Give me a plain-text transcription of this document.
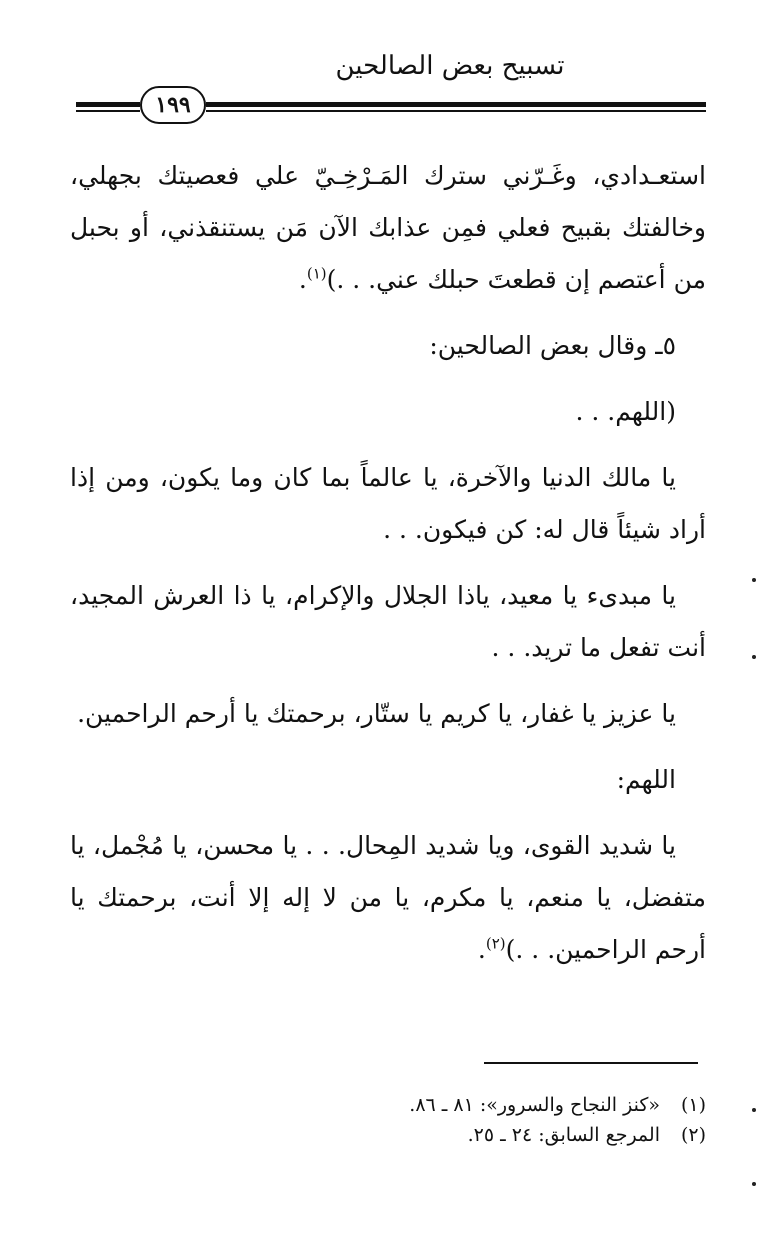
تسبيح بعض الصالحين
١٩٩

استعـدادي، وغَـرّني سترك المَـرْخِـيّ علي فعصيتك بجهلي، وخالفتك بقبيح فعلي فمِن عذابك الآن مَن يستنقذني، أو بحبل من أعتصم إن قطعتَ حبلك عني. . .)$^{(١)}$.

٥ـ وقال بعض الصالحين:

(اللهم. . .

يا مالك الدنيا والآخرة، يا عالماً بما كان وما يكون، ومن إذا أراد شيئاً قال له: كن فيكون. . .

يا مبدىء يا معيد، ياذا الجلال والإكرام، يا ذا العرش المجيد، أنت تفعل ما تريد. . .

يا عزيز يا غفار، يا كريم يا ستّار، برحمتك يا أرحم الراحمين.

اللهم:

يا شديد القوى، ويا شديد المِحال. . . يا محسن، يا مُجْمل، يا متفضل، يا منعم، يا مكرم، يا من لا إله إلا أنت، برحمتك يا أرحم الراحمين. . .)$^{(٢)}$.

(١)
«كنز النجاح والسرور»: ٨١ ـ ٨٦.
(٢)
المرجع السابق: ٢٤ ـ ٢٥.
